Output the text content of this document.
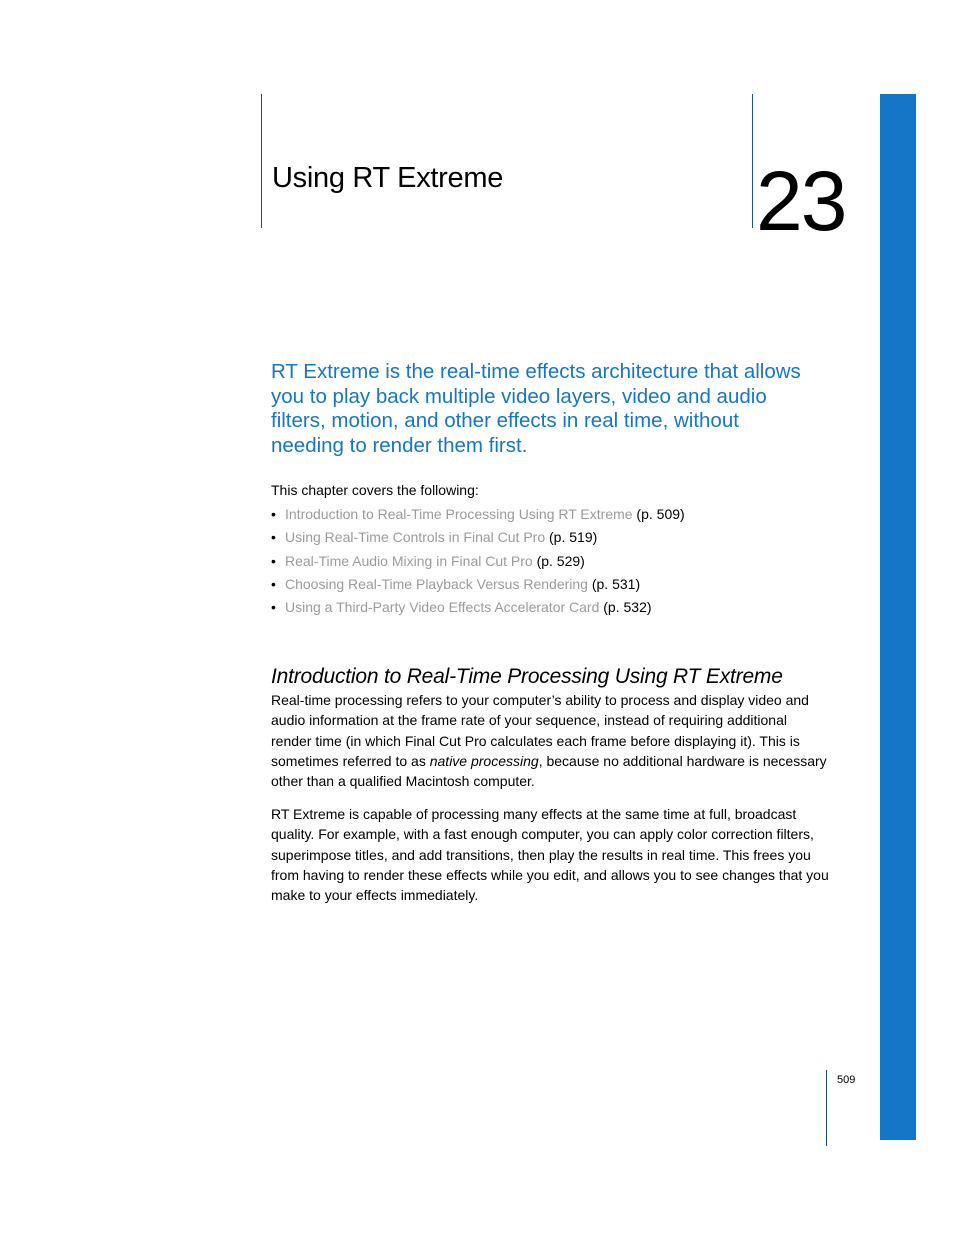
Using RT Extreme	23

RT Extreme is the real-time effects architecture that allows you to play back multiple video layers, video and audio filters, motion, and other effects in real time, without needing to render them first.

This chapter covers the following:

• Introduction to Real-Time Processing Using RT Extreme (p. 509)
• Using Real-Time Controls in Final Cut Pro (p. 519)
• Real-Time Audio Mixing in Final Cut Pro (p. 529)
• Choosing Real-Time Playback Versus Rendering (p. 531)
• Using a Third-Party Video Effects Accelerator Card (p. 532)
Introduction to Real-Time Processing Using RT Extreme

Real-time processing refers to your computer’s ability to process and display video and audio information at the frame rate of your sequence, instead of requiring additional render time (in which Final Cut Pro calculates each frame before displaying it). This is sometimes referred to as native processing, because no additional hardware is necessary other than a qualified Macintosh computer.

RT Extreme is capable of processing many effects at the same time at full, broadcast quality. For example, with a fast enough computer, you can apply color correction filters, superimpose titles, and add transitions, then play the results in real time. This frees you from having to render these effects while you edit, and allows you to see changes that you make to your effects immediately.

509
